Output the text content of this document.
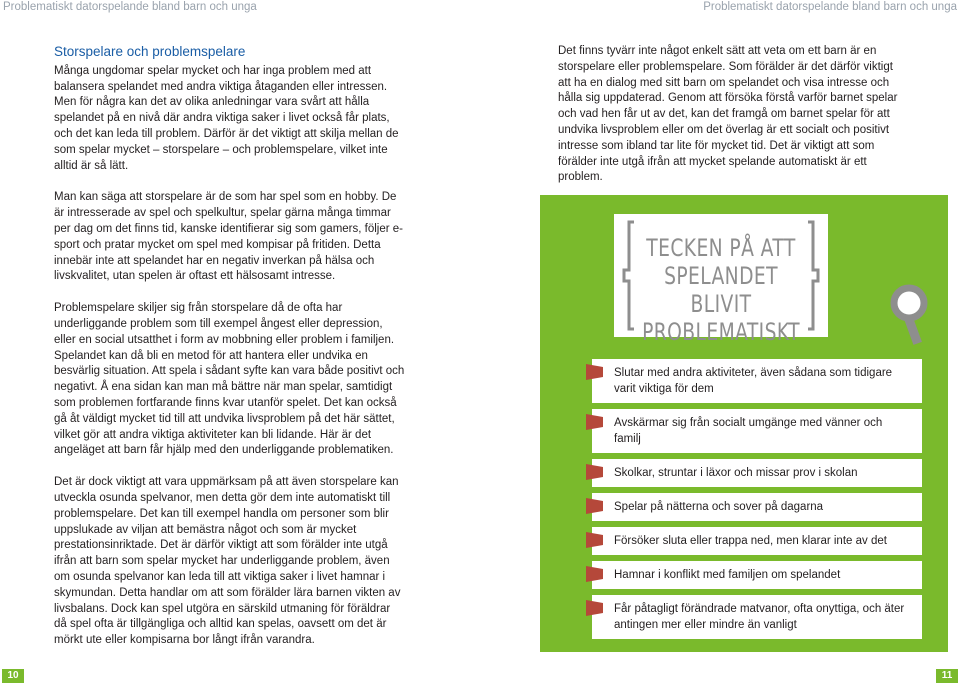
Problematiskt datorspelande bland barn och unga	Problematiskt datorspelande bland barn och unga
Storspelare och problemspelare

Många ungdomar spelar mycket och har inga problem med att balansera spelandet med andra viktiga åtaganden eller intressen. Men för några kan det av olika anledningar vara svårt att hålla spelandet på en nivå där andra viktiga saker i livet också får plats, och det kan leda till problem. Därför är det viktigt att skilja mellan de som spelar mycket – storspelare – och problemspelare, vilket inte alltid är så lätt.

Man kan säga att storspelare är de som har spel som en hobby. De är intresserade av spel och spelkultur, spelar gärna många timmar per dag om det finns tid, kanske identifierar sig som gamers, följer e-sport och pratar mycket om spel med kompisar på fritiden. Detta innebär inte att spelandet har en negativ inverkan på hälsa och livskvalitet, utan spelen är oftast ett hälsosamt intresse.

Problemspelare skiljer sig från storspelare då de ofta har underliggande problem som till exempel ångest eller depression, eller en social utsatthet i form av mobbning eller problem i familjen. Spelandet kan då bli en metod för att hantera eller undvika en besvärlig situation. Att spela i sådant syfte kan vara både positivt och negativt. Å ena sidan kan man må bättre när man spelar, samtidigt som problemen fortfarande finns kvar utanför spelet. Det kan också gå åt väldigt mycket tid till att undvika livsproblem på det här sättet, vilket gör att andra viktiga aktiviteter kan bli lidande. Här är det angeläget att barn får hjälp med den underliggande problematiken.

Det är dock viktigt att vara uppmärksam på att även storspelare kan utveckla osunda spelvanor, men detta gör dem inte automatiskt till problemspelare. Det kan till exempel handla om personer som blir uppslukade av viljan att bemästra något och som är mycket prestationsinriktade. Det är därför viktigt att som förälder inte utgå ifrån att barn som spelar mycket har underliggande problem, även om osunda spelvanor kan leda till att viktiga saker i livet hamnar i skymundan. Detta handlar om att som förälder lära barnen vikten av livsbalans. Dock kan spel utgöra en särskild utmaning för föräldrar då spel ofta är tillgängliga och alltid kan spelas, oavsett om det är mörkt ute eller kompisarna bor långt ifrån varandra.

Det finns tyvärr inte något enkelt sätt att veta om ett barn är en storspelare eller problemspelare. Som förälder är det därför viktigt att ha en dialog med sitt barn om spelandet och visa intresse och hålla sig uppdaterad. Genom att försöka förstå varför barnet spelar och vad hen får ut av det, kan det framgå om barnet spelar för att undvika livsproblem eller om det överlag är ett socialt och positivt intresse som ibland tar lite för mycket tid. Det är viktigt att som förälder inte utgå ifrån att mycket spelande automatiskt är ett problem.

TECKEN PÅ ATT
SPELANDET BLIVIT
PROBLEMATISKT
Slutar med andra aktiviteter, även sådana som tidigare varit viktiga för dem
Avskärmar sig från socialt umgänge med vänner och familj
Skolkar, struntar i läxor och missar prov i skolan
Spelar på nätterna och sover på dagarna
Försöker sluta eller trappa ned, men klarar inte av det
Hamnar i konflikt med familjen om spelandet
Får påtagligt förändrade matvanor, ofta onyttiga, och äter antingen mer eller mindre än vanligt
10	11
